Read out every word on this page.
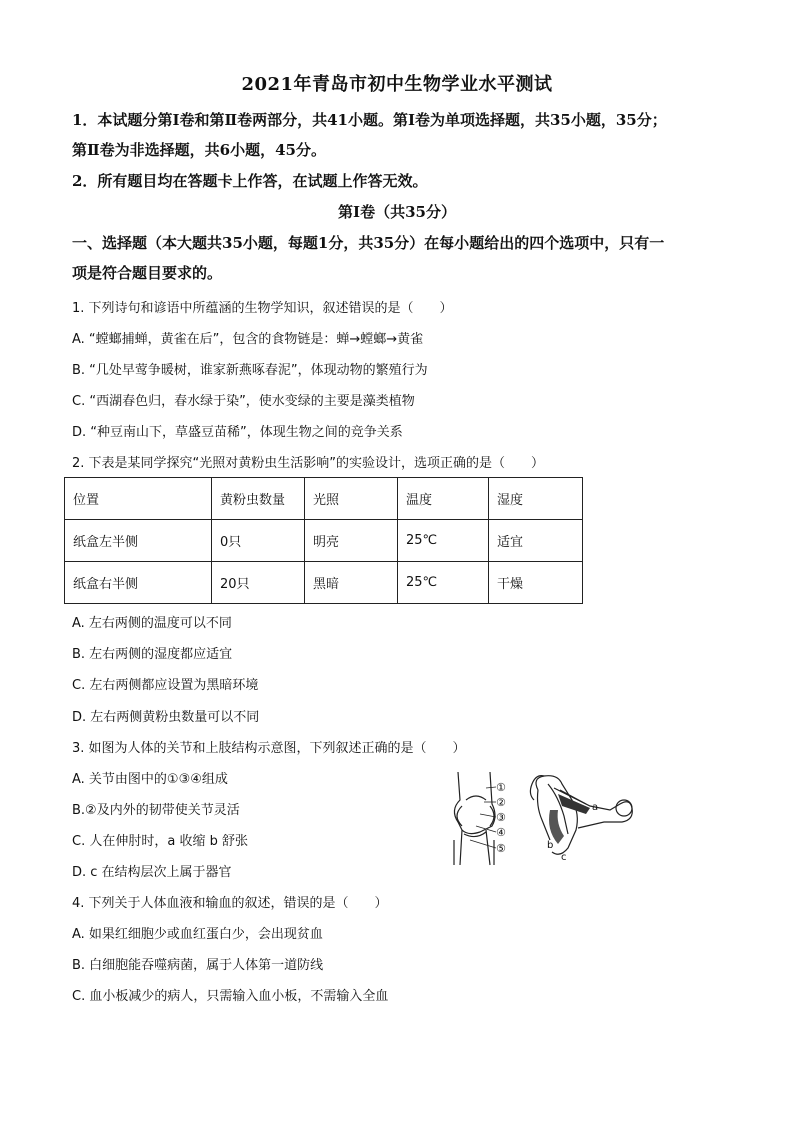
2021年青岛市初中生物学业水平测试
1．本试题分第Ⅰ卷和第Ⅱ卷两部分，共41小题。第Ⅰ卷为单项选择题，共35小题，35分；
第Ⅱ卷为非选择题，共6小题，45分。
2．所有题目均在答题卡上作答，在试题上作答无效。
第Ⅰ卷（共35分）
一、选择题（本大题共35小题，每题1分，共35分）在每小题给出的四个选项中，只有一
项是符合题目要求的。
1. 下列诗句和谚语中所蕴涵的生物学知识，叙述错误的是（　　）
A. “螳螂捕蝉，黄雀在后”，包含的食物链是：蝉→螳螂→黄雀
B. “几处早莺争暖树，谁家新燕啄春泥”，体现动物的繁殖行为
C. “西湖春色归，春水绿于染”，使水变绿的主要是藻类植物
D. “种豆南山下，草盛豆苗稀”，体现生物之间的竞争关系
2. 下表是某同学探究“光照对黄粉虫生活影响”的实验设计，选项正确的是（　　）
位置	黄粉虫数量	光照	温度	湿度
纸盒左半侧	0只	明亮	25℃	适宜
纸盒右半侧	20只	黑暗	25℃	干燥
A. 左右两侧的温度可以不同
B. 左右两侧的湿度都应适宜
C. 左右两侧都应设置为黑暗环境
D. 左右两侧黄粉虫数量可以不同
3. 如图为人体的关节和上肢结构示意图，下列叙述正确的是（　　）
A. 关节由图中的①③④组成
B.②及内外的韧带使关节灵活
C. 人在伸肘时，a 收缩 b 舒张
D. c 在结构层次上属于器官
①
②
③
④
⑤
a
b
c
4. 下列关于人体血液和输血的叙述，错误的是（　　）
A. 如果红细胞少或血红蛋白少，会出现贫血
B. 白细胞能吞噬病菌，属于人体第一道防线
C. 血小板减少的病人，只需输入血小板，不需输入全血
